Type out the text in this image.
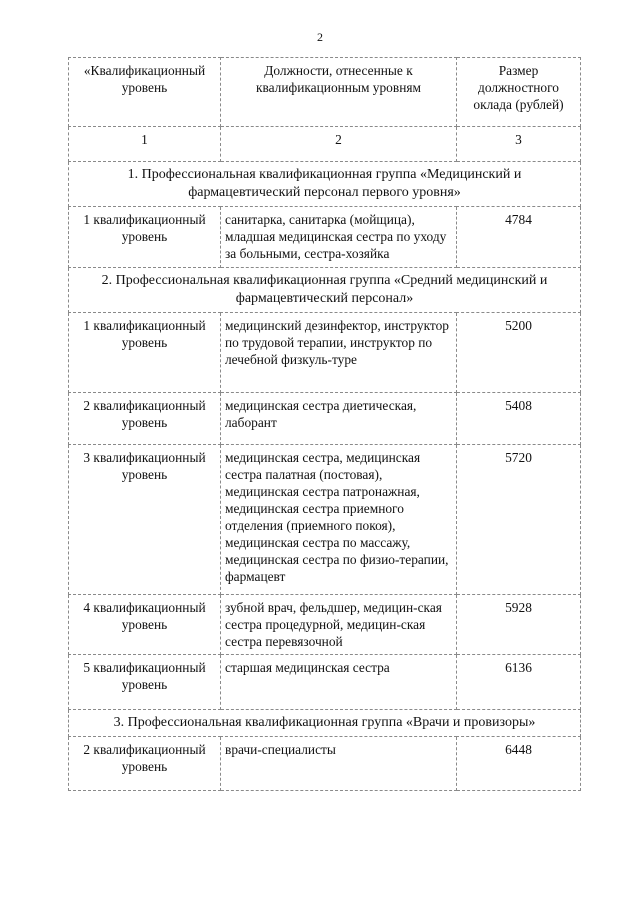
2
«Квалификационный уровень	Должности, отнесенные к квалификационным уровням	Размер должностного оклада (рублей)
1	2	3
1. Профессиональная квалификационная группа «Медицинский и фармацевтический персонал первого уровня»		
1 квалификационный уровень	санитарка, санитарка (мойщица), младшая медицинская сестра по уходу за больными, сестра-хозяйка	4784
2. Профессиональная квалификационная группа «Средний медицинский и фармацевтический персонал»		
1 квалификационный уровень	медицинский дезинфектор, инструктор по трудовой терапии, инструктор по лечебной физкуль-туре	5200
2 квалификационный уровень	медицинская сестра диетическая, лаборант	5408
3 квалификационный уровень	медицинская сестра, медицинская сестра палатная (постовая), медицинская сестра патронажная, медицинская сестра приемного отделения (приемного покоя), медицинская сестра по массажу, медицинская сестра по физио-терапии, фармацевт	5720
4 квалификационный уровень	зубной врач, фельдшер, медицин-ская сестра процедурной, медицин-ская сестра перевязочной	5928
5 квалификационный уровень	старшая медицинская сестра	6136
3. Профессиональная квалификационная группа «Врачи и провизоры»		
2 квалификационный уровень	врачи-специалисты	6448
